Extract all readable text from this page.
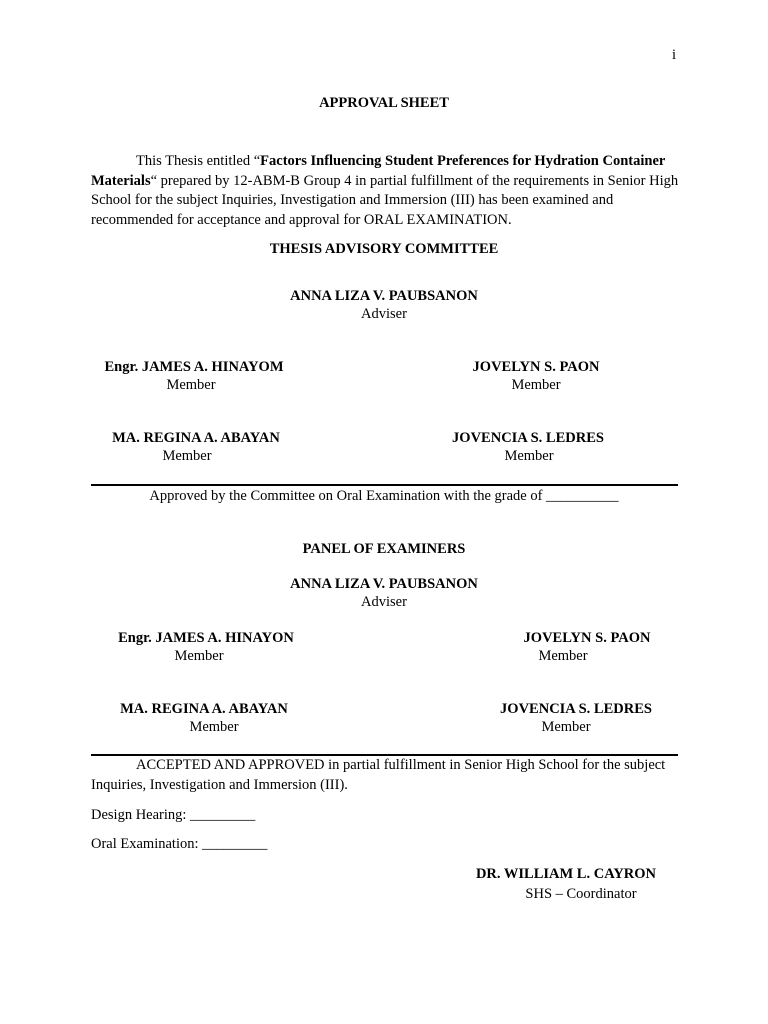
i
APPROVAL SHEET
This Thesis entitled “Factors Influencing Student Preferences for Hydration Container Materials“ prepared by 12-ABM-B Group 4 in partial fulfillment of the requirements in Senior High School for the subject Inquiries, Investigation and Immersion (III) has been examined and recommended for acceptance and approval for ORAL EXAMINATION.
THESIS ADVISORY COMMITTEE
ANNA LIZA V. PAUBSANON
Adviser
Engr. JAMES A. HINAYOM
Member
JOVELYN S. PAON
Member
MA. REGINA A. ABAYAN
Member
JOVENCIA S. LEDRES
Member
Approved by the Committee on Oral Examination with the grade of __________
PANEL OF EXAMINERS
ANNA LIZA V. PAUBSANON
Adviser
Engr. JAMES A. HINAYON
Member
JOVELYN S. PAON
Member
MA. REGINA A. ABAYAN
Member
JOVENCIA S. LEDRES
Member
ACCEPTED AND APPROVED in partial fulfillment in Senior High School for the subject Inquiries, Investigation and Immersion (III).
Design Hearing: _________
Oral Examination: _________
DR. WILLIAM L. CAYRON
SHS – Coordinator
